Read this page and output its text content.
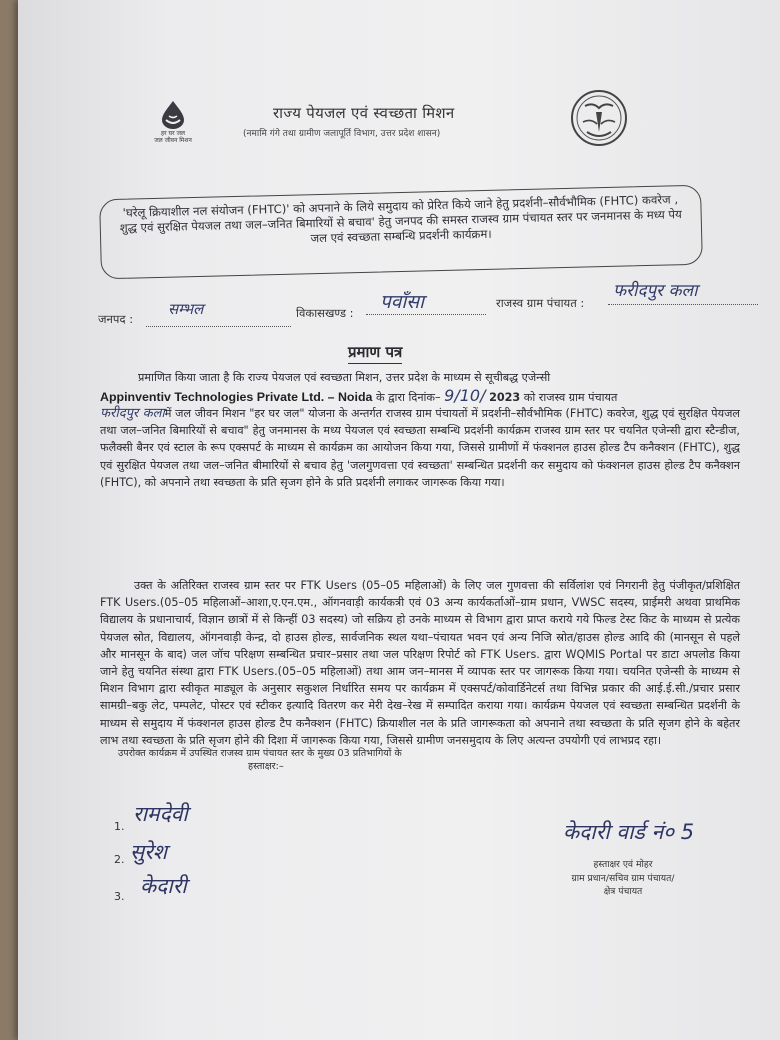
हर घर जल
जल जीवन मिशन
राज्य पेयजल एवं स्वच्छता मिशन
(नमामि गंगे तथा ग्रामीण जलापूर्ति विभाग, उत्तर प्रदेश शासन)

'घरेलू क्रियाशील नल संयोजन (FHTC)' को अपनाने के लिये समुदाय को प्रेरित किये जाने हेतु प्रदर्शनी–सौर्वभौमिक (FHTC) कवरेज , शुद्ध एवं सुरक्षित पेयजल तथा जल–जनित बिमारियों से बचाव' हेतु जनपद की समस्त राजस्व ग्राम पंचायत स्तर पर जनमानस के मध्य पेय जल एवं स्वच्छता सम्बन्धि प्रदर्शनी कार्यक्रम।

जनपद :
सम्भल	विकासखण्ड : पवाँसा	राजस्व ग्राम पंचायत :
फरीदपुर कला
प्रमाण पत्र
प्रमाणित किया जाता है कि राज्य पेयजल एवं स्वच्छता मिशन, उत्तर प्रदेश के माध्यम से सूचीबद्ध एजेन्सी
Appinventiv Technologies Private Ltd. – Noida के द्वारा दिनांक– 9/10/ 2023 को राजस्व ग्राम पंचायत
फरीदपुर कलामें जल जीवन मिशन "हर घर जल" योजना के अन्तर्गत राजस्व ग्राम पंचायतों में प्रदर्शनी–सौर्वभौमिक (FHTC) कवरेज, शुद्ध एवं सुरक्षित पेयजल तथा जल–जनित बिमारियों से बचाव" हेतु जनमानस के मध्य पेयजल एवं स्वच्छता सम्बन्धि प्रदर्शनी कार्यक्रम राजस्व ग्राम स्तर पर चयनित एजेन्सी द्वारा स्टैन्डीज, फलैक्सी बैनर एवं स्टाल के रूप एक्सपर्ट के माध्यम से कार्यक्रम का आयोजन किया गया, जिससे ग्रामीणों में फंक्शनल हाउस होल्ड टैप कनैक्शन (FHTC), शुद्ध एवं सुरक्षित पेयजल तथा जल–जनित बीमारियों से बचाव हेतु 'जलगुणवत्ता एवं स्वच्छता' सम्बन्धित प्रदर्शनी कर समुदाय को फंक्शनल हाउस होल्ड टैप कनैक्शन (FHTC), को अपनाने तथा स्वच्छता के प्रति सृजग होने के प्रति प्रदर्शनी लगाकर जागरूक किया गया।
उक्त के अतिरिक्त राजस्व ग्राम स्तर पर FTK Users (05–05 महिलाओं) के लिए जल गुणवत्ता की सर्विलांश एवं निगरानी हेतु पंजीकृत/प्रशिक्षित FTK Users.(05–05 महिलाओं–आशा,ए.एन.एम., ऑगनवाड़ी कार्यकत्री एवं 03 अन्य कार्यकर्ताओं–ग्राम प्रधान, VWSC सदस्य, प्राईमरी अथवा प्राथमिक विद्यालय के प्रधानाचार्य, विज्ञान छात्रों में से किन्हीं 03 सदस्य) जो सक्रिय हो उनके माध्यम से विभाग द्वारा प्राप्त कराये गये फिल्ड टेस्ट किट के माध्यम से प्रत्येक पेयजल स्रोत, विद्यालय, ऑगनवाड़ी केन्द्र, दो हाउस होल्ड, सार्वजनिक स्थल यथा–पंचायत भवन एवं अन्य निजि स्रोत/हाउस होल्ड आदि की (मानसून से पहले और मानसून के बाद) जल जॉच परिक्षण सम्बन्धित प्रचार–प्रसार तथा जल परिक्षण रिपोर्ट को FTK Users. द्वारा WQMIS Portal पर डाटा अपलोड किया जाने हेतु चयनित संस्था द्वारा FTK Users.(05–05 महिलाओं) तथा आम जन–मानस में व्यापक स्तर पर जागरूक किया गया। चयनित एजेन्सी के माध्यम से मिशन विभाग द्वारा स्वीकृत माड्यूल के अनुसार सकुशल निर्धारित समय पर कार्यक्रम में एक्सपर्ट/कोवार्डिनेटर्स तथा विभिन्न प्रकार की आई.ई.सी./प्रचार प्रसार सामग्री–बकु लेट, पम्पलेट, पोस्टर एवं स्टीकर इत्यादि वितरण कर मेरी देख–रेख में सम्पादित कराया गया। कार्यक्रम पेयजल एवं स्वच्छता सम्बन्धित प्रदर्शनी के माध्यम से समुदाय में फंक्शनल हाउस होल्ड टैप कनैक्शन (FHTC) क्रियाशील नल के प्रति जागरूकता को अपनाने तथा स्वच्छता के प्रति सृजग होने के बहेतर लाभ तथा स्वच्छता के प्रति सृजग होने की दिशा में जागरूक किया गया, जिससे ग्रामीण जनसमुदाय के लिए अत्यन्त उपयोगी एवं लाभप्रद रहा।
उपरोक्त कार्यक्रम में उपस्थित राजस्व ग्राम पंचायत स्तर के मुख्य 03 प्रतिभागियों के
हस्ताक्षर:–
1.
रामदेवी
2. सुरेश
3. केदारी
केदारी वार्ड नं० 5
हस्ताक्षर एवं मोहर
ग्राम प्रधान/सचिव ग्राम पंचायत/
क्षेत्र पंचायत
